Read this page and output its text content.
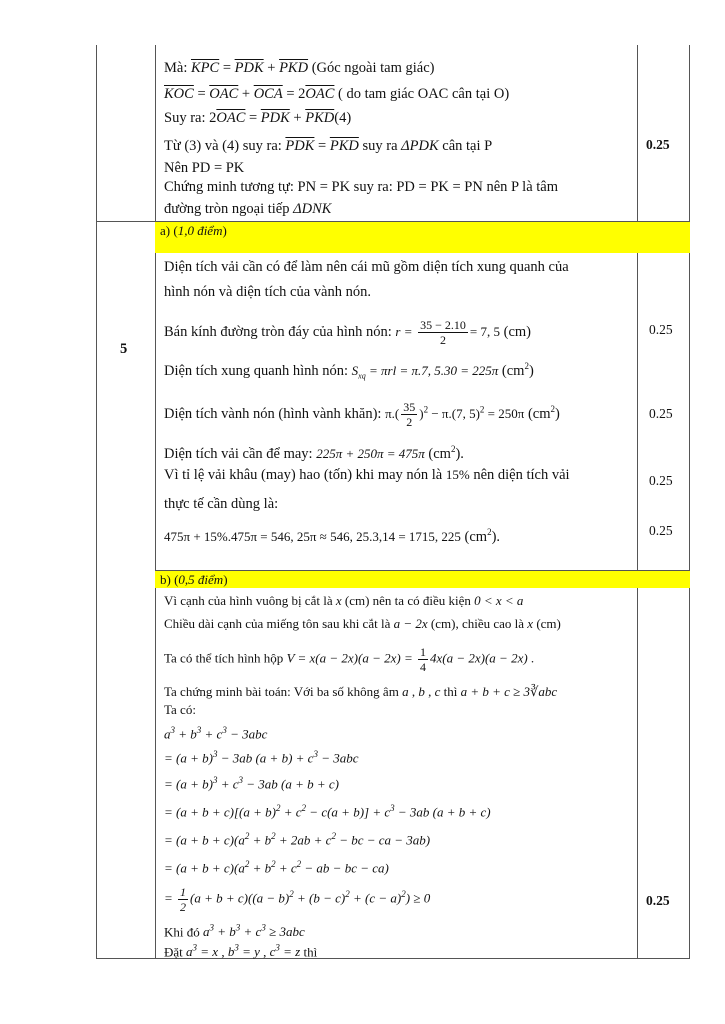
Mà: $\overline{KPC} = \overline{PDK} + \overline{PKD}$ (Góc ngoài tam giác)
$\overline{KOC} = \overline{OAC} + \overline{OCA} = 2\overline{OAC}$ ( do tam giác OAC cân tại O)
Suy ra: $2\overline{OAC} = \overline{PDK} + \overline{PKD}(4)$
Từ (3) và (4) suy ra: $\overline{PDK} = \overline{PKD}$ suy ra ΔPDK cân tại P
Nên PD = PK
Chứng minh tương tự: PN = PK suy ra: PD = PK = PN nên P là tâm
đường tròn ngoại tiếp ΔDNK
0.25
5
a) (1,0 điểm)
Diện tích vải cần có để làm nên cái mũ gồm diện tích xung quanh của
hình nón và diện tích của vành nón.
Bán kính đường tròn đáy của hình nón: $r = \frac{35 - 2.10}{2} = 7$, 5 (cm)
Diện tích xung quanh hình nón: $S_{xq} = \pi rl = \pi.7$, 5.30 = 225π $(cm^2)$
Diện tích vành nón (hình vành khăn): $\pi.( \frac{35}{2} )^2 - \pi.(7$, 5)$^2$ = 250π $(cm^2)$
Diện tích vải cần để may: 225π + 250π = 475π $(cm^2)$.
Vì tỉ lệ vải khâu (may) hao (tốn) khi may nón là 15% nên diện tích vải
thực tế cần dùng là:
475π + 15%.475π = 546, 25π ≈ 546, 25.3,14 = 1715, 225 $(cm^2)$.
0.25
0.25
0.25
0.25
b) (0,5 điểm)
Vì cạnh của hình vuông bị cắt là x (cm) nên ta có điều kiện 0 < x < a
Chiều dài cạnh của miếng tôn sau khi cắt là a − 2x (cm), chiều cao là x (cm)
Ta có thể tích hình hộp $V = x(a - 2x)(a - 2x) = \frac{1}{4} 4x(a - 2x)(a - 2x)$ .
Ta chứng minh bài toán: Với ba số không âm a , b , c thì a + b + c ≥ 3∛abc
Ta có:
$a^3 + b^3 + c^3 - 3abc$
= $(a + b)^3 - 3ab$ $(a + b) + c^3 - 3abc$
= $(a + b)^3 + c^3 - 3ab$ (a + b + c)
= $(a + b + c)[(a + b)^2 + c^2 - c(a + b)] + c^3 - 3ab$ (a + b + c)
= $(a + b + c)(a^2 + b^2 + 2ab + c^2$ − bc − ca − 3ab)
= $(a + b + c)(a^2 + b^2 + c^2$ − ab − bc − ca)
= $\frac{1}{2} (a + b + c)((a - b)^2 + (b - c)^2 + (c - a)^2) \ge 0$
Khi đó $a^3 + b^3 + c^3 \ge 3abc$
Đặt $a^3 = x$ , $b^3 = y$ , $c^3 = z$ thì
0.25
